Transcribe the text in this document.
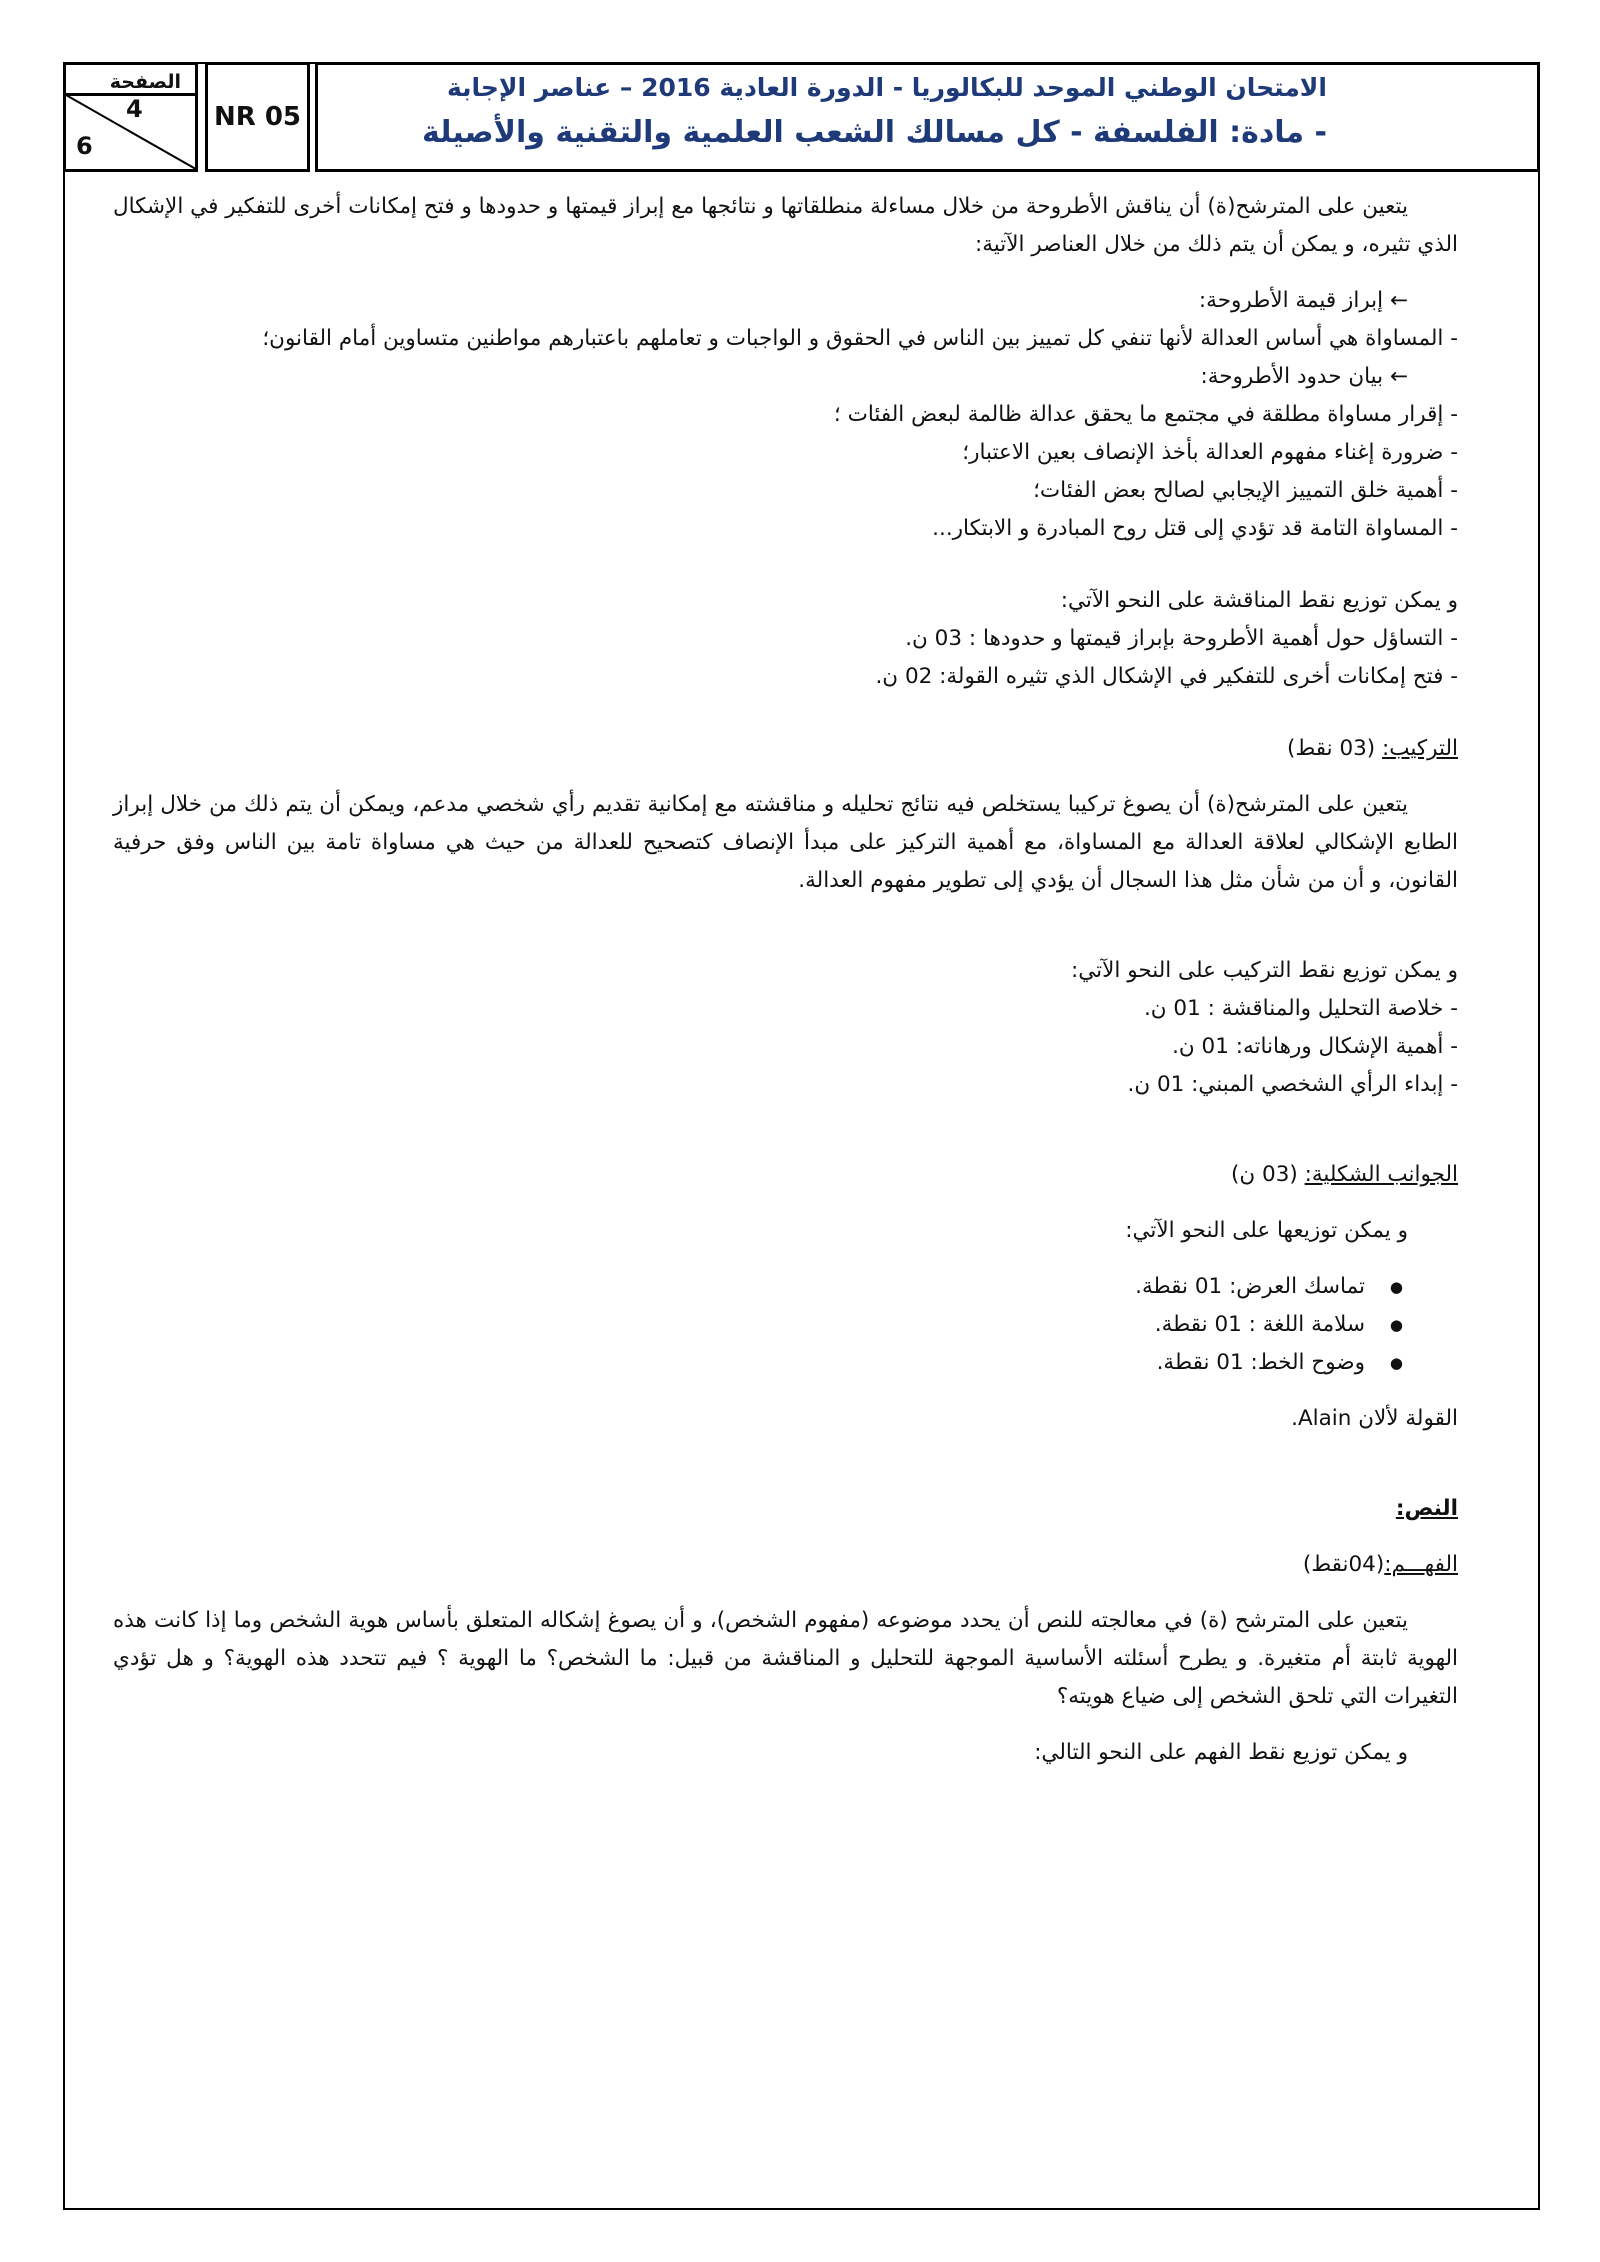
الصفحة
4
6
NR 05
الامتحان الوطني الموحد للبكالوريا - الدورة العادية 2016 – عناصر الإجابة
- مادة: الفلسفة - كل مسالك الشعب العلمية والتقنية والأصيلة

يتعين على المترشح(ة) أن يناقش الأطروحة من خلال مساءلة منطلقاتها و نتائجها مع إبراز قيمتها و حدودها و فتح إمكانات أخرى للتفكير في الإشكال الذي تثيره، و يمكن أن يتم ذلك من خلال العناصر الآتية:

← إبراز قيمة الأطروحة:

- المساواة هي أساس العدالة لأنها تنفي كل تمييز بين الناس في الحقوق و الواجبات و تعاملهم باعتبارهم مواطنين متساوين أمام القانون؛

← بيان حدود الأطروحة:

- إقرار مساواة مطلقة في مجتمع ما يحقق عدالة ظالمة لبعض الفئات ؛

- ضرورة إغناء مفهوم العدالة بأخذ الإنصاف بعين الاعتبار؛

- أهمية خلق التمييز الإيجابي لصالح بعض الفئات؛

- المساواة التامة قد تؤدي إلى قتل روح المبادرة و الابتكار...

و يمكن توزيع نقط المناقشة على النحو الآتي:

- التساؤل حول أهمية الأطروحة بإبراز قيمتها و حدودها : 03 ن.

- فتح إمكانات أخرى للتفكير في الإشكال الذي تثيره القولة: 02 ن.

التركيب: (03 نقط)

يتعين على المترشح(ة) أن يصوغ تركيبا يستخلص فيه نتائج تحليله و مناقشته مع إمكانية تقديم رأي شخصي مدعم، ويمكن أن يتم ذلك من خلال إبراز الطابع الإشكالي لعلاقة العدالة مع المساواة، مع أهمية التركيز على مبدأ الإنصاف كتصحيح للعدالة من حيث هي مساواة تامة بين الناس وفق حرفية القانون، و أن من شأن مثل هذا السجال أن يؤدي إلى تطوير مفهوم العدالة.

و يمكن توزيع نقط التركيب على النحو الآتي:

- خلاصة التحليل والمناقشة : 01 ن.

- أهمية الإشكال ورهاناته: 01 ن.

- إبداء الرأي الشخصي المبني: 01 ن.

الجوانب الشكلية: (03 ن)

و يمكن توزيعها على النحو الآتي:

● تماسك العرض: 01 نقطة.
● سلامة اللغة : 01 نقطة.
● وضوح الخط: 01 نقطة.

القولة لألان Alain.

النص:

الفهـــم:(04نقط)

يتعين على المترشح (ة) في معالجته للنص أن يحدد موضوعه (مفهوم الشخص)، و أن يصوغ إشكاله المتعلق بأساس هوية الشخص وما إذا كانت هذه الهوية ثابتة أم متغيرة. و يطرح أسئلته الأساسية الموجهة للتحليل و المناقشة من قبيل: ما الشخص؟ ما الهوية ؟ فيم تتحدد هذه الهوية؟ و هل تؤدي التغيرات التي تلحق الشخص إلى ضياع هويته؟

و يمكن توزيع نقط الفهم على النحو التالي:
